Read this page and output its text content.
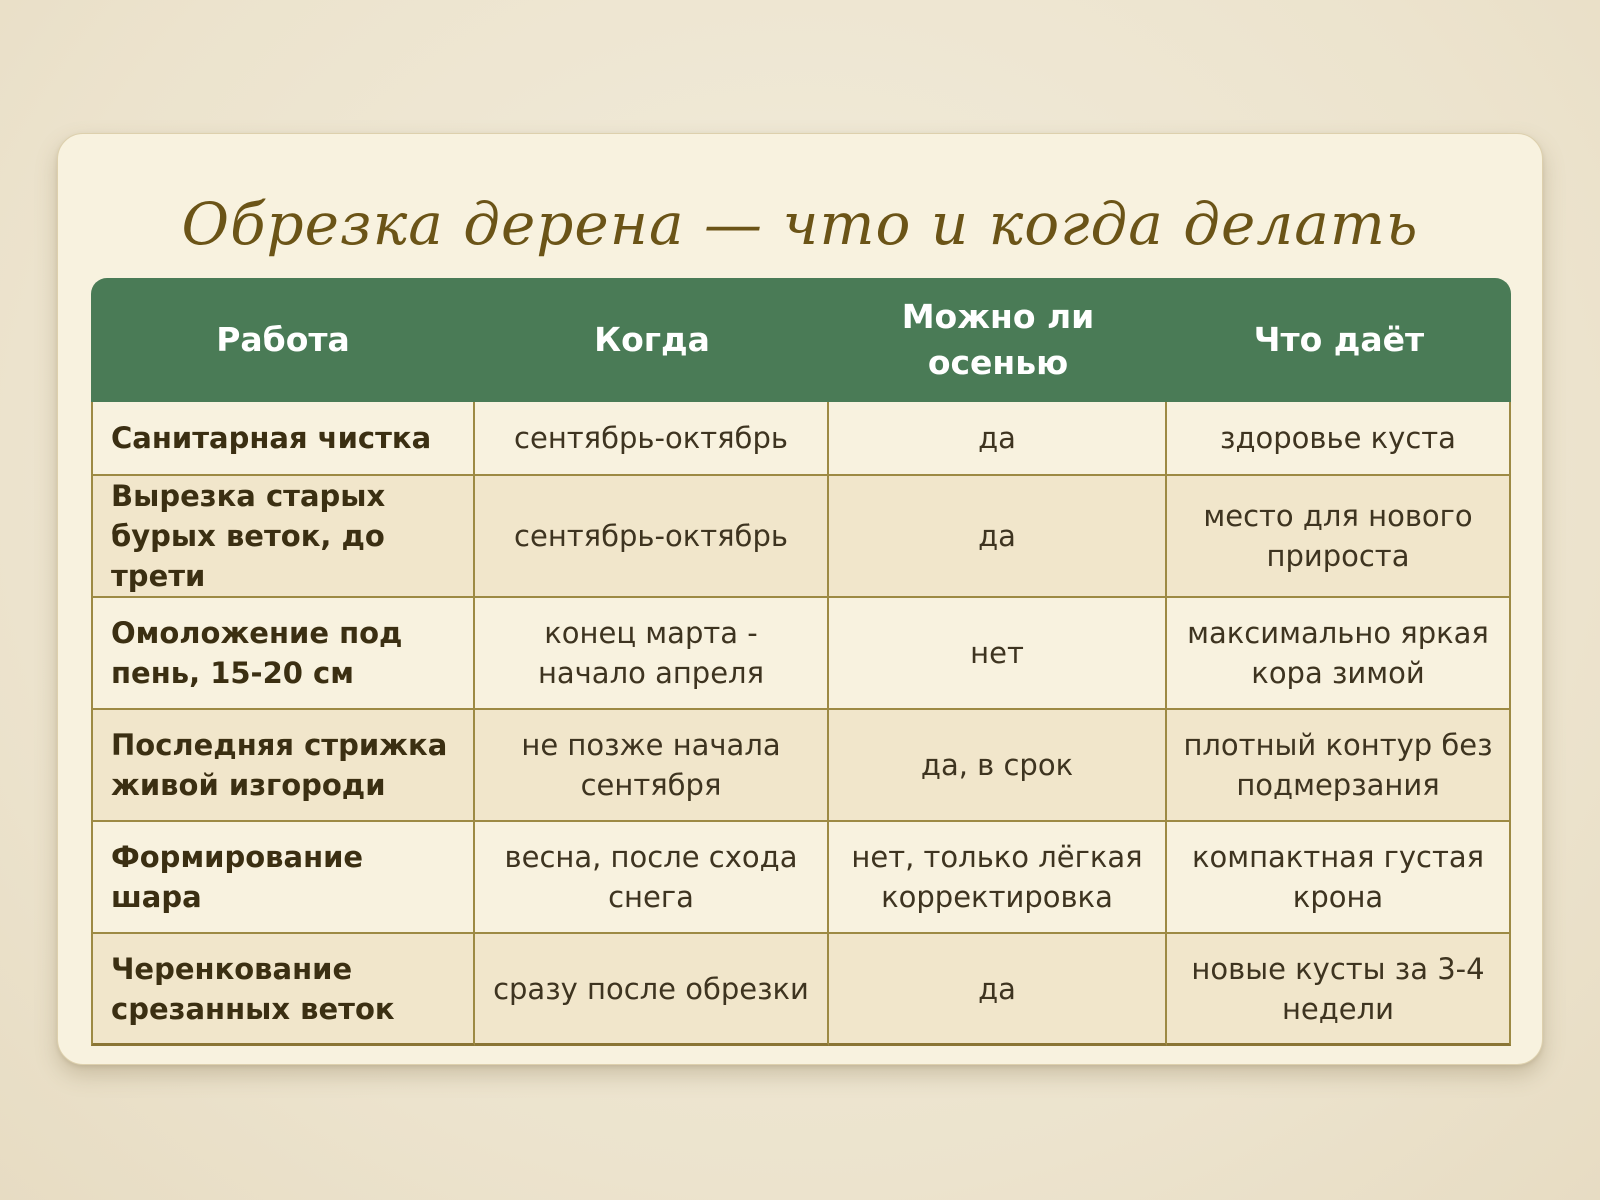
Обрезка дерена — что и когда делать
Работа	Когда	Можно ли осенью	Что даёт
Санитарная чистка	сентябрь-октябрь	да	здоровье куста
Вырезка старых бурых веток, до трети	сентябрь-октябрь	да	место для нового прироста
Омоложение под пень, 15-20 см	конец марта - начало апреля	нет	максимально яркая кора зимой
Последняя стрижка живой изгороди	не позже начала сентября	да, в срок	плотный контур без подмерзания
Формирование шара	весна, после схода снега	нет, только лёгкая корректировка	компактная густая крона
Черенкование срезанных веток	сразу после обрезки	да	новые кусты за 3-4 недели
